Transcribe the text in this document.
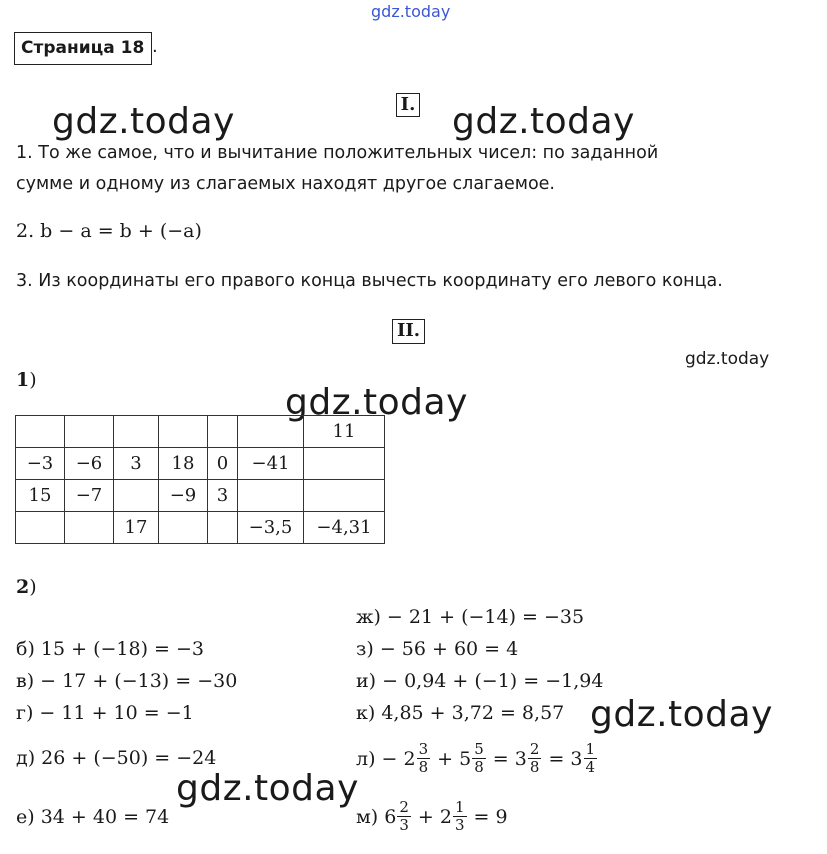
gdz.today
gdz.today	gdz.today
gdz.today
gdz.today
gdz.today
gdz.today
Страница 18 .
I.
1. То же самое, что и вычитание положительных чисел: по заданной
сумме и одному из слагаемых находят другое слагаемое.
2. b − a = b + (−a)
3. Из координаты его правого конца вычесть координату его левого конца.
II.
1)
						11
−3	−6	3	18	0	−41	
15	−7		−9	3		
		17			−3,5	−4,31
2)
б) 15 + (−18) = −3
в) − 17 + (−13) = −30
г) − 11 + 10 = −1
д) 26 + (−50) = −24
е) 34 + 40 = 74
ж) − 21 + (−14) = −35
з) − 56 + 60 = 4
и) − 0,94 + (−1) = −1,94
к) 4,85 + 3,72 = 8,57
$л) - 2 \frac{3}{8} + 5 \frac{5}{8} = 3 \frac{2}{8} = 3 \frac{1}{4}$
м) $6 \frac{2}{3} + 2 \frac{1}{3} = 9$
